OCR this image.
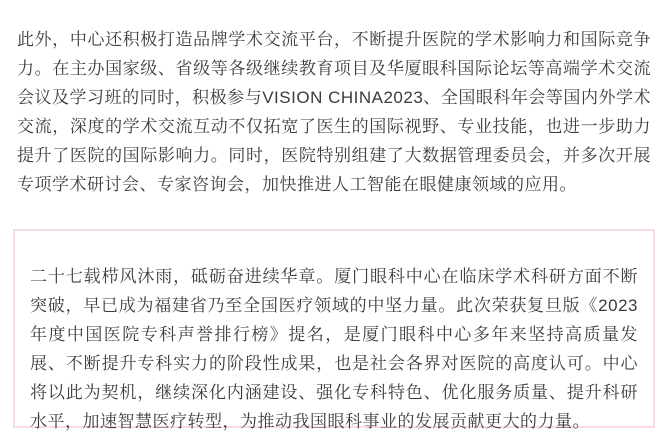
此外，中心还积极打造品牌学术交流平台，不断提升医院的学术影响力和国际竞争力。在主办国家级、省级等各级继续教育项目及华厦眼科国际论坛等高端学术交流会议及学习班的同时，积极参与VISION CHINA2023、全国眼科年会等国内外学术交流，深度的学术交流互动不仅拓宽了医生的国际视野、专业技能，也进一步助力提升了医院的国际影响力。同时，医院特别组建了大数据管理委员会，并多次开展专项学术研讨会、专家咨询会，加快推进人工智能在眼健康领域的应用。

二十七载栉风沐雨，砥砺奋进续华章。厦门眼科中心在临床学术科研方面不断突破，早已成为福建省乃至全国医疗领域的中坚力量。此次荣获复旦版《2023年度中国医院专科声誉排行榜》提名，是厦门眼科中心多年来坚持高质量发展、不断提升专科实力的阶段性成果，也是社会各界对医院的高度认可。中心将以此为契机，继续深化内涵建设、强化专科特色、优化服务质量、提升科研水平，加速智慧医疗转型，为推动我国眼科事业的发展贡献更大的力量。
